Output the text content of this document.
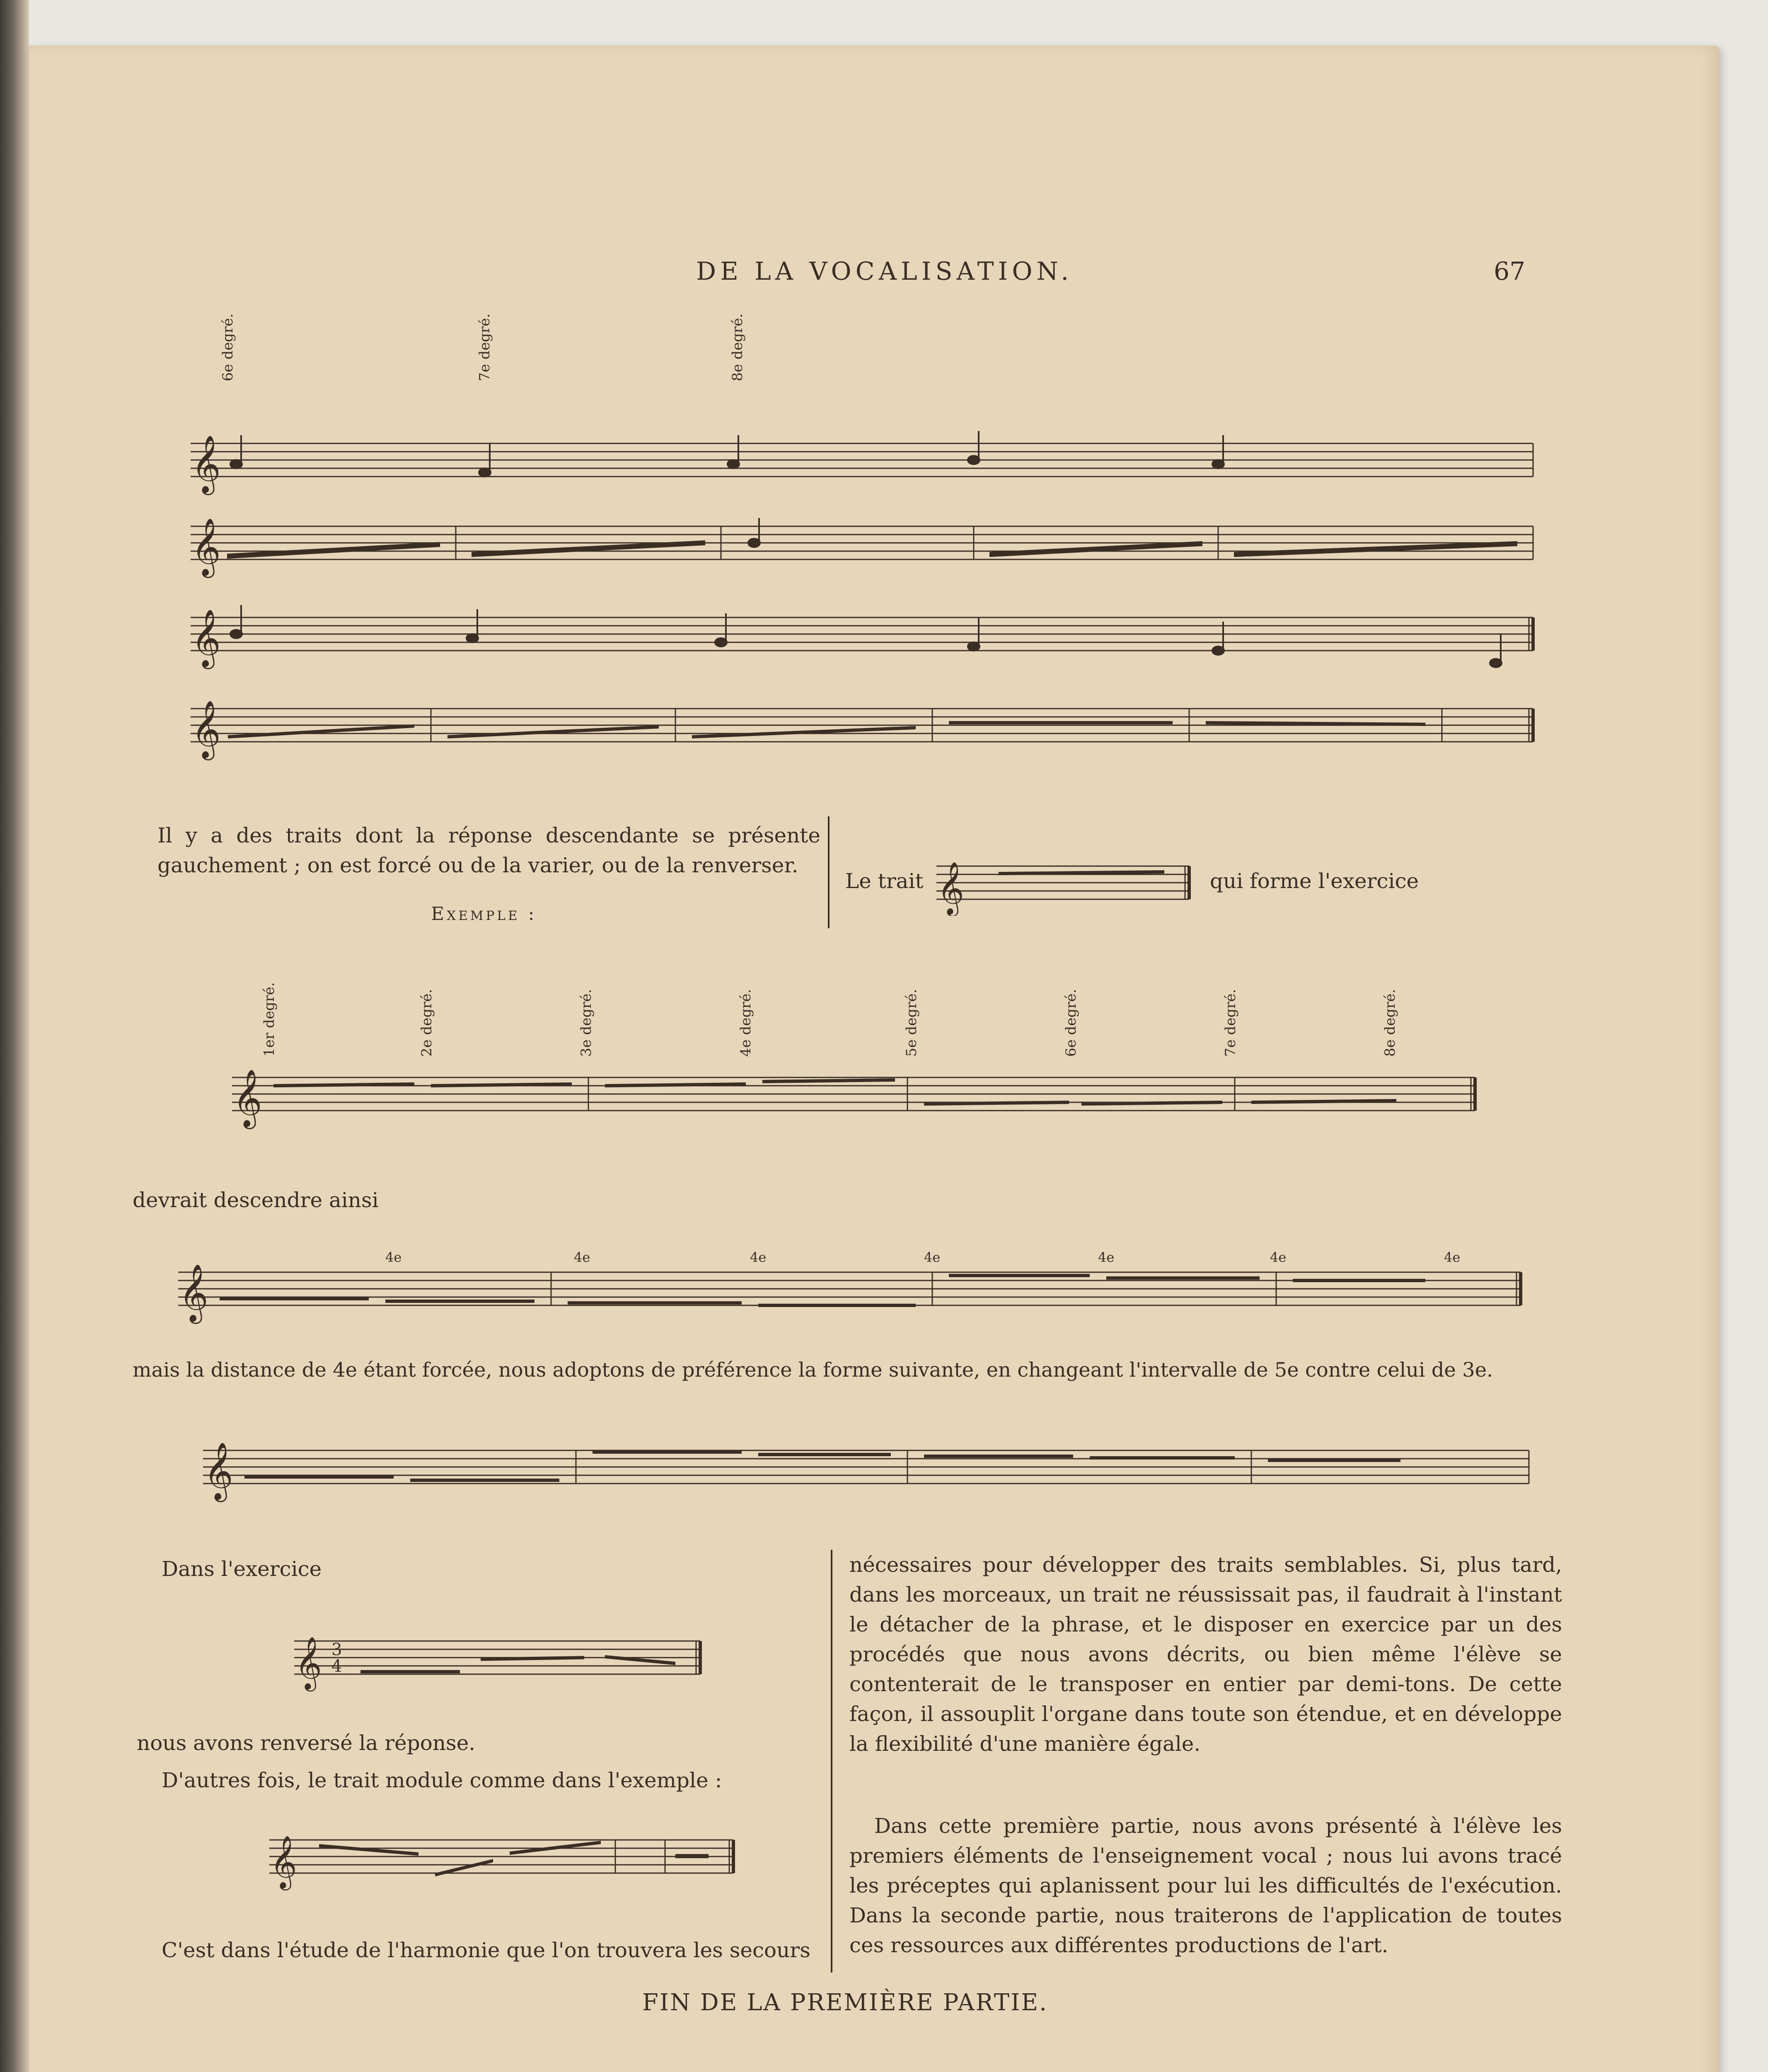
DE LA VOCALISATION.	67
6e degré.	7e degré.	8e degré.
𝄞
𝄞
𝄞
𝄞
Il y a des traits dont la réponse descendante se présente gauchement ; on est forcé ou de la varier, ou de la renverser.
Exemple :
Le trait 𝄞	qui forme l'exercice
1er degré.	2e degré.	3e degré.	4e degré.	5e degré.	6e degré.	7e degré.	8e degré.
𝄞
devrait descendre ainsi
4e	4e	4e	4e	4e	4e	4e
𝄞
mais la distance de 4e étant forcée, nous adoptons de préférence la forme suivante, en changeant l'intervalle de 5e contre celui de 3e.
𝄞
Dans l'exercice
𝄞 3
4
nous avons renversé la réponse.
D'autres fois, le trait module comme dans l'exemple :
𝄞
C'est dans l'étude de l'harmonie que l'on trouvera les secours
nécessaires pour développer des traits semblables. Si, plus tard, dans les morceaux, un trait ne réussissait pas, il faudrait à l'instant le détacher de la phrase, et le disposer en exercice par un des procédés que nous avons décrits, ou bien même l'élève se contenterait de le transposer en entier par demi-tons. De cette façon, il assouplit l'organe dans toute son étendue, et en développe la flexibilité d'une manière égale.
Dans cette première partie, nous avons présenté à l'élève les premiers éléments de l'enseignement vocal ; nous lui avons tracé les préceptes qui aplanissent pour lui les difficultés de l'exécution. Dans la seconde partie, nous traiterons de l'application de toutes ces ressources aux différentes productions de l'art.
FIN DE LA PREMIÈRE PARTIE.
